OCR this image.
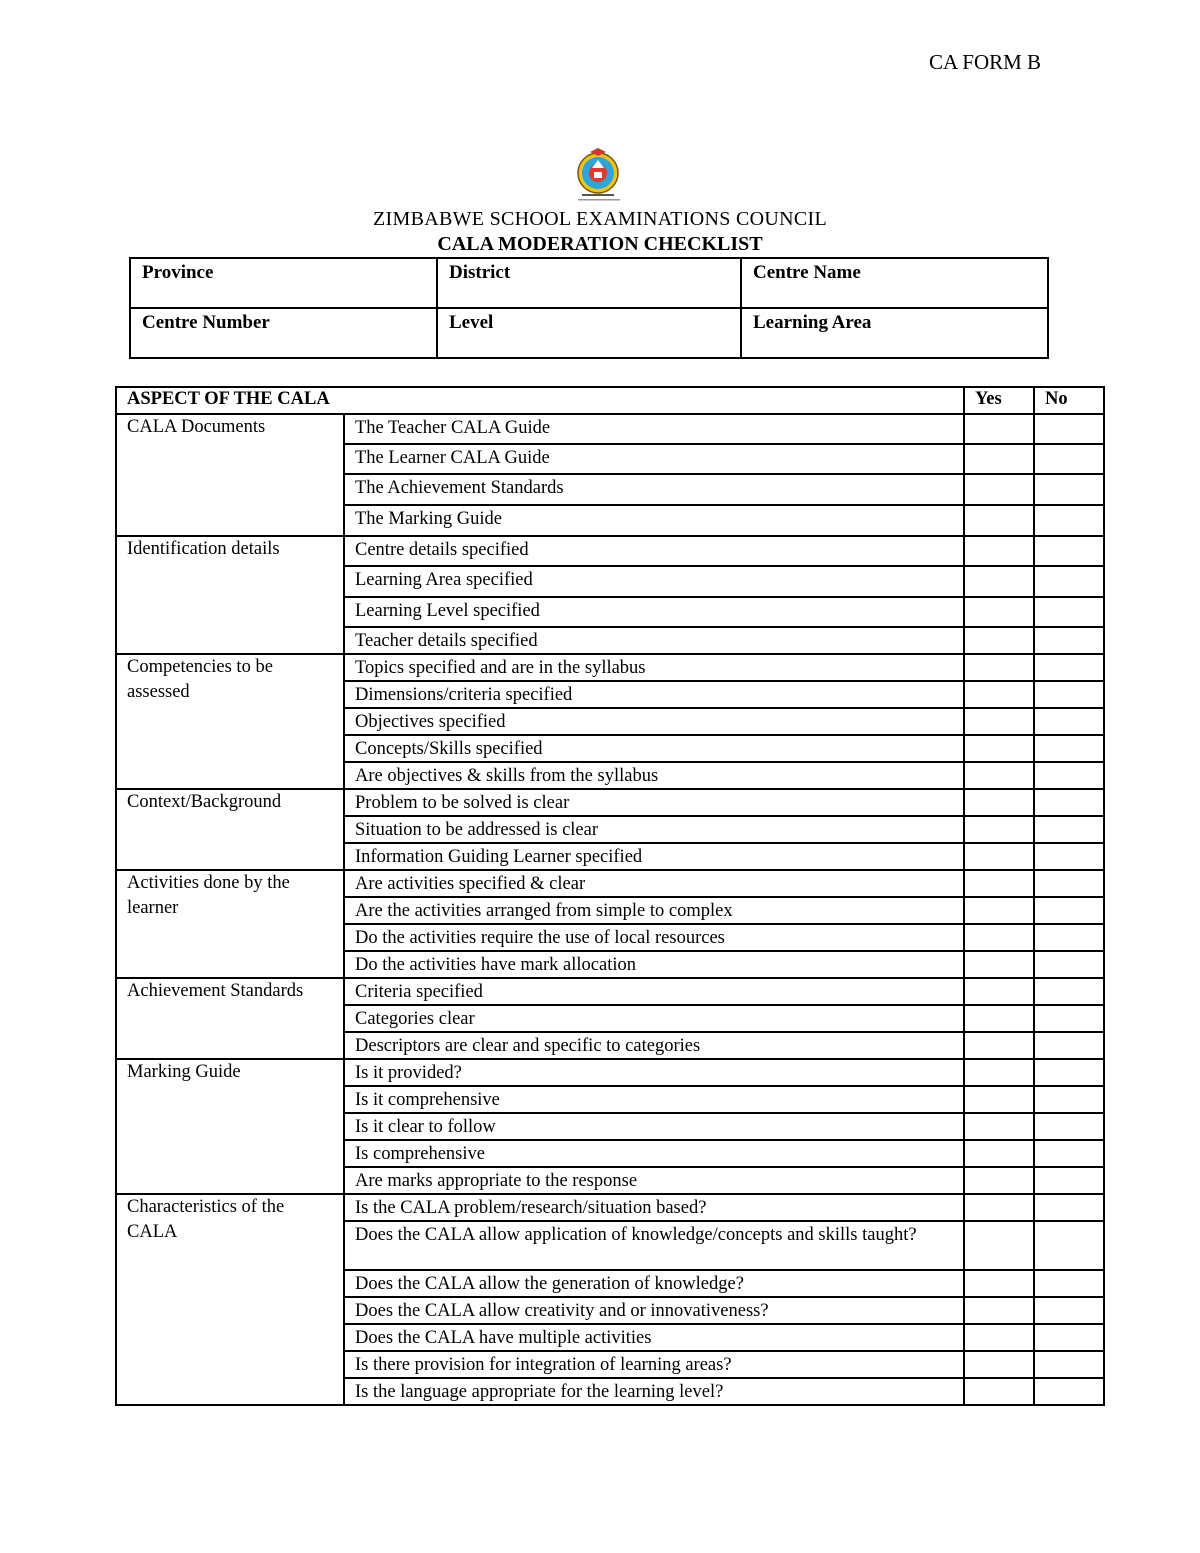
CA FORM B
ZIMBABWE SCHOOL EXAMINATIONS COUNCIL
CALA MODERATION CHECKLIST
Province	District	Centre Name
Centre Number	Level	Learning Area
ASPECT OF THE CALA		Yes	No
CALA Documents	The Teacher CALA Guide		
	The Learner CALA Guide		
	The Achievement Standards		
	The Marking Guide		
Identification details	Centre details specified		
	Learning Area specified		
	Learning Level specified		
	Teacher details specified		
Competencies to be assessed	Topics specified and are in the syllabus		
	Dimensions/criteria specified		
	Objectives specified		
	Concepts/Skills specified		
	Are objectives & skills from the syllabus		
Context/Background	Problem to be solved is clear		
	Situation to be addressed is clear		
	Information Guiding Learner specified		
Activities done by the learner	Are activities specified & clear		
	Are the activities arranged from simple to complex		
	Do the activities require the use of local resources		
	Do the activities have mark allocation		
Achievement Standards	Criteria specified		
	Categories clear		
	Descriptors are clear and specific to categories		
Marking Guide	Is it provided?		
	Is it comprehensive		
	Is it clear to follow		
	Is comprehensive		
	Are marks appropriate to the response		
Characteristics of the CALA	Is the CALA problem/research/situation based?		
	Does the CALA allow application of knowledge/concepts and skills taught?		
	Does the CALA allow the generation of knowledge?		
	Does the CALA allow creativity and or innovativeness?		
	Does the CALA have multiple activities		
	Is there provision for integration of learning areas?		
	Is the language appropriate for the learning level?		
